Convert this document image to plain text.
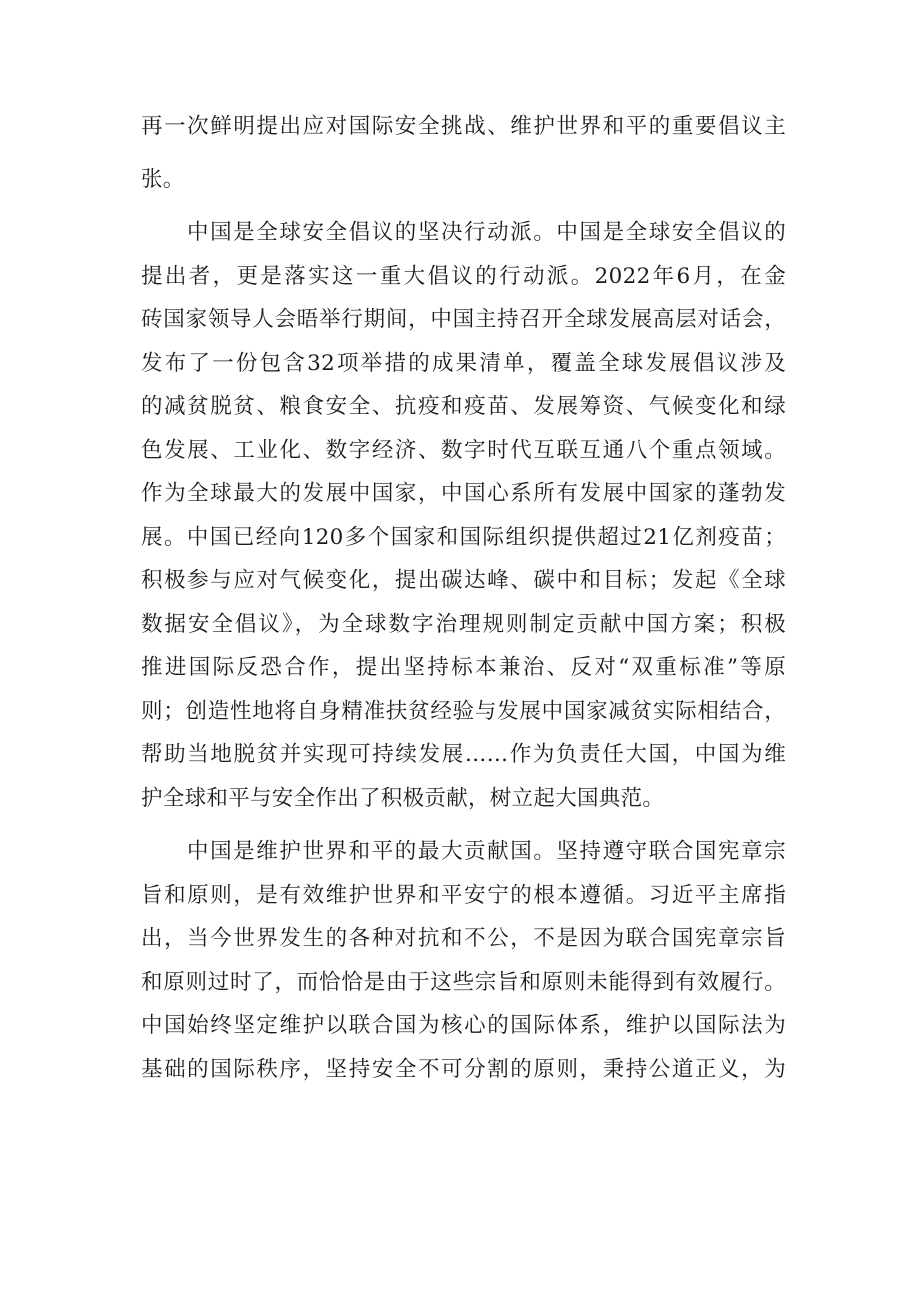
再一次鲜明提出应对国际安全挑战、维护世界和平的重要倡议主
张。
中国是全球安全倡议的坚决行动派。中国是全球安全倡议的
提出者，更是落实这一重大倡议的行动派。2022年6月，在金
砖国家领导人会晤举行期间，中国主持召开全球发展高层对话会，
发布了一份包含32项举措的成果清单，覆盖全球发展倡议涉及
的减贫脱贫、粮食安全、抗疫和疫苗、发展筹资、气候变化和绿
色发展、工业化、数字经济、数字时代互联互通八个重点领域。
作为全球最大的发展中国家，中国心系所有发展中国家的蓬勃发
展。中国已经向120多个国家和国际组织提供超过21亿剂疫苗；
积极参与应对气候变化，提出碳达峰、碳中和目标；发起《全球
数据安全倡议》，为全球数字治理规则制定贡献中国方案；积极
推进国际反恐合作，提出坚持标本兼治、反对“双重标准”等原
则；创造性地将自身精准扶贫经验与发展中国家减贫实际相结合，
帮助当地脱贫并实现可持续发展……作为负责任大国，中国为维
护全球和平与安全作出了积极贡献，树立起大国典范。
中国是维护世界和平的最大贡献国。坚持遵守联合国宪章宗
旨和原则，是有效维护世界和平安宁的根本遵循。习近平主席指
出，当今世界发生的各种对抗和不公，不是因为联合国宪章宗旨
和原则过时了，而恰恰是由于这些宗旨和原则未能得到有效履行。
中国始终坚定维护以联合国为核心的国际体系，维护以国际法为
基础的国际秩序，坚持安全不可分割的原则，秉持公道正义，为
